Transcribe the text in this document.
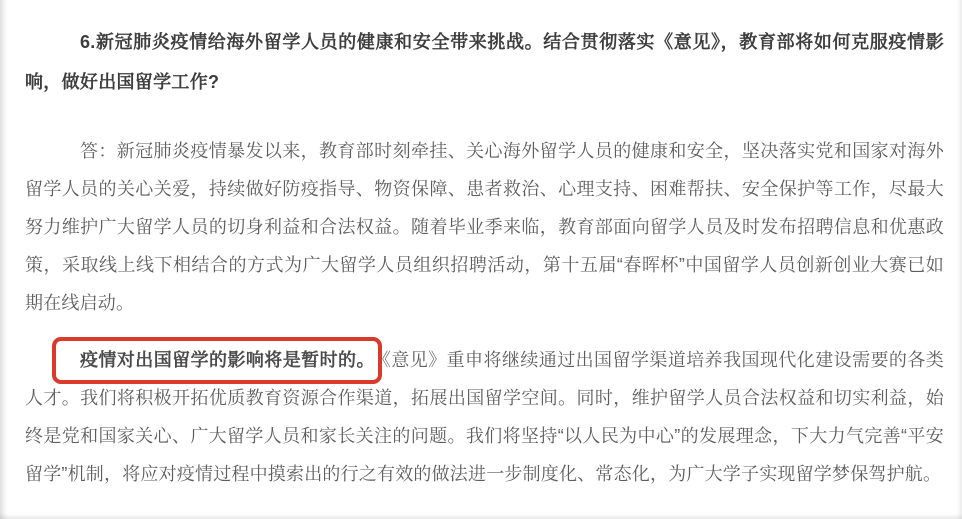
6.新冠肺炎疫情给海外留学人员的健康和安全带来挑战。结合贯彻落实《意见》，教育部将如何克服疫情影响，做好出国留学工作?

答：新冠肺炎疫情暴发以来，教育部时刻牵挂、关心海外留学人员的健康和安全，坚决落实党和国家对海外留学人员的关心关爱，持续做好防疫指导、物资保障、患者救治、心理支持、困难帮扶、安全保护等工作，尽最大努力维护广大留学人员的切身利益和合法权益。随着毕业季来临，教育部面向留学人员及时发布招聘信息和优惠政策，采取线上线下相结合的方式为广大留学人员组织招聘活动，第十五届“春晖杯”中国留学人员创新创业大赛已如期在线启动。

疫情对出国留学的影响将是暂时的。 《意见》重申将继续通过出国留学渠道培养我国现代化建设需要的各类人才。我们将积极开拓优质教育资源合作渠道，拓展出国留学空间。同时，维护留学人员合法权益和切实利益，始终是党和国家关心、广大留学人员和家长关注的问题。我们将坚持“以人民为中心”的发展理念，下大力气完善“平安留学”机制，将应对疫情过程中摸索出的行之有效的做法进一步制度化、常态化，为广大学子实现留学梦保驾护航。
